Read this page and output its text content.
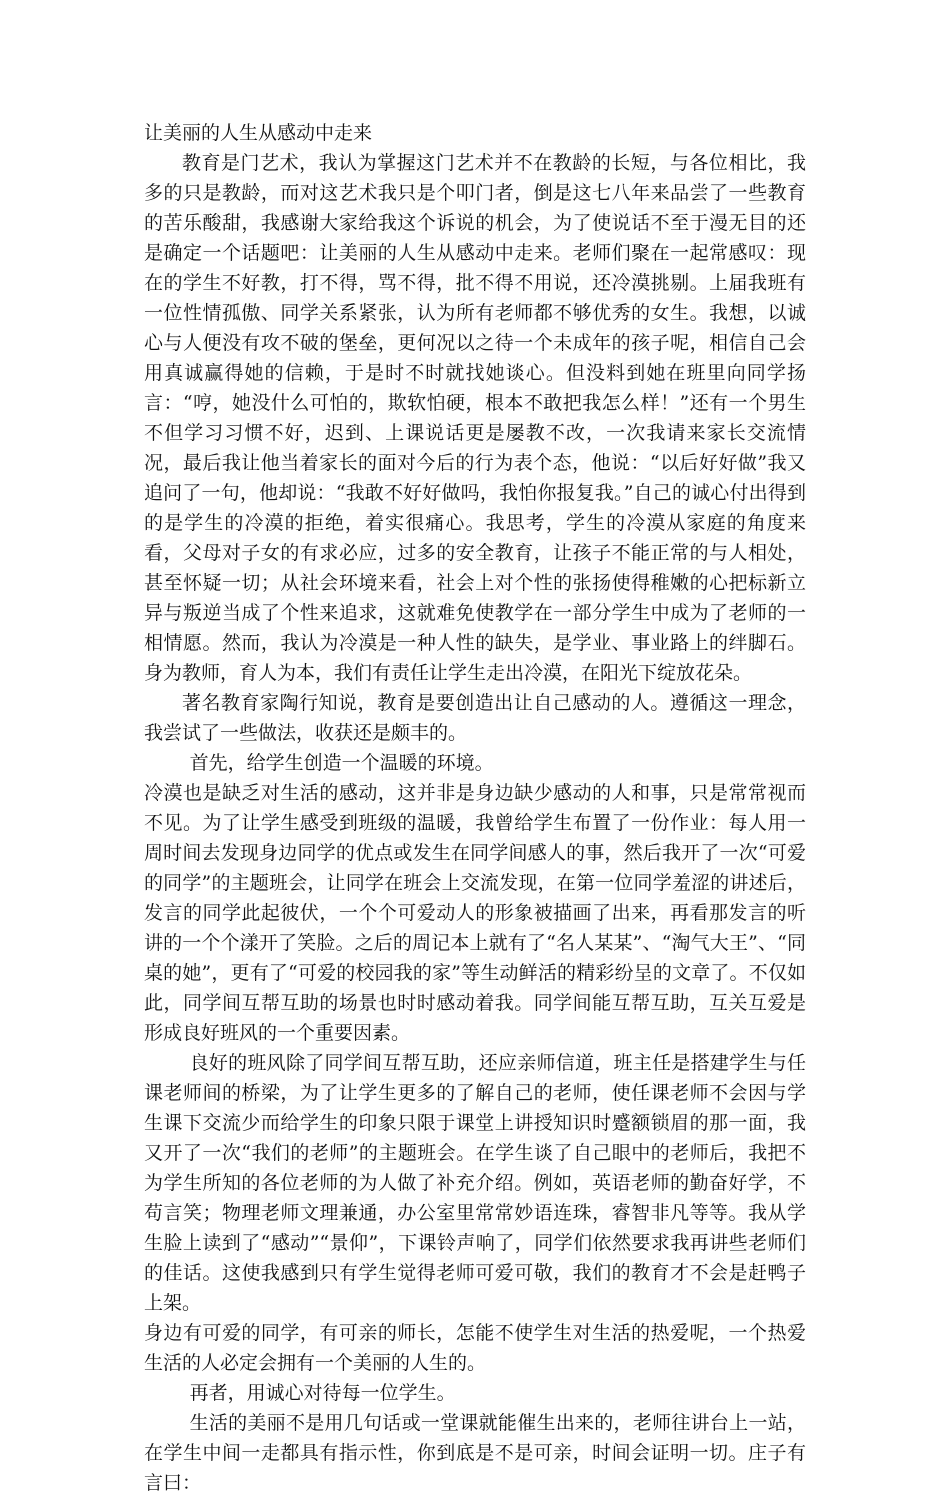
让美丽的人生从感动中走来

教育是门艺术，我认为掌握这门艺术并不在教龄的长短，与各位相比，我多的只是教龄，而对这艺术我只是个叩门者，倒是这七八年来品尝了一些教育的苦乐酸甜，我感谢大家给我这个诉说的机会，为了使说话不至于漫无目的还是确定一个话题吧：让美丽的人生从感动中走来。老师们聚在一起常感叹：现在的学生不好教，打不得，骂不得，批不得不用说，还冷漠挑剔。上届我班有一位性情孤傲、同学关系紧张，认为所有老师都不够优秀的女生。我想，以诚心与人便没有攻不破的堡垒，更何况以之待一个未成年的孩子呢，相信自己会用真诚赢得她的信赖，于是时不时就找她谈心。但没料到她在班里向同学扬言：“哼，她没什么可怕的，欺软怕硬，根本不敢把我怎么样！”还有一个男生不但学习习惯不好，迟到、上课说话更是屡教不改，一次我请来家长交流情况，最后我让他当着家长的面对今后的行为表个态，他说：“以后好好做”我又追问了一句，他却说：“我敢不好好做吗，我怕你报复我。”自己的诚心付出得到的是学生的冷漠的拒绝，着实很痛心。我思考，学生的冷漠从家庭的角度来看，父母对子女的有求必应，过多的安全教育，让孩子不能正常的与人相处，甚至怀疑一切；从社会环境来看，社会上对个性的张扬使得稚嫩的心把标新立异与叛逆当成了个性来追求，这就难免使教学在一部分学生中成为了老师的一相情愿。然而，我认为冷漠是一种人性的缺失，是学业、事业路上的绊脚石。身为教师，育人为本，我们有责任让学生走出冷漠，在阳光下绽放花朵。

著名教育家陶行知说，教育是要创造出让自己感动的人。遵循这一理念，我尝试了一些做法，收获还是颇丰的。

首先，给学生创造一个温暖的环境。

冷漠也是缺乏对生活的感动，这并非是身边缺少感动的人和事，只是常常视而不见。为了让学生感受到班级的温暖，我曾给学生布置了一份作业：每人用一周时间去发现身边同学的优点或发生在同学间感人的事，然后我开了一次“可爱的同学”的主题班会，让同学在班会上交流发现，在第一位同学羞涩的讲述后，发言的同学此起彼伏，一个个可爱动人的形象被描画了出来，再看那发言的听讲的一个个漾开了笑脸。之后的周记本上就有了“名人某某”、“淘气大王”、“同桌的她”，更有了“可爱的校园我的家”等生动鲜活的精彩纷呈的文章了。不仅如此，同学间互帮互助的场景也时时感动着我。同学间能互帮互助，互关互爱是形成良好班风的一个重要因素。

良好的班风除了同学间互帮互助，还应亲师信道，班主任是搭建学生与任课老师间的桥梁，为了让学生更多的了解自己的老师，使任课老师不会因与学生课下交流少而给学生的印象只限于课堂上讲授知识时蹙额锁眉的那一面，我又开了一次“我们的老师”的主题班会。在学生谈了自己眼中的老师后，我把不为学生所知的各位老师的为人做了补充介绍。例如，英语老师的勤奋好学，不苟言笑；物理老师文理兼通，办公室里常常妙语连珠，睿智非凡等等。我从学生脸上读到了“感动”“景仰”，下课铃声响了，同学们依然要求我再讲些老师们的佳话。这使我感到只有学生觉得老师可爱可敬，我们的教育才不会是赶鸭子上架。

身边有可爱的同学，有可亲的师长，怎能不使学生对生活的热爱呢，一个热爱生活的人必定会拥有一个美丽的人生的。

再者，用诚心对待每一位学生。

生活的美丽不是用几句话或一堂课就能催生出来的，老师往讲台上一站，在学生中间一走都具有指示性，你到底是不是可亲，时间会证明一切。庄子有言曰：
